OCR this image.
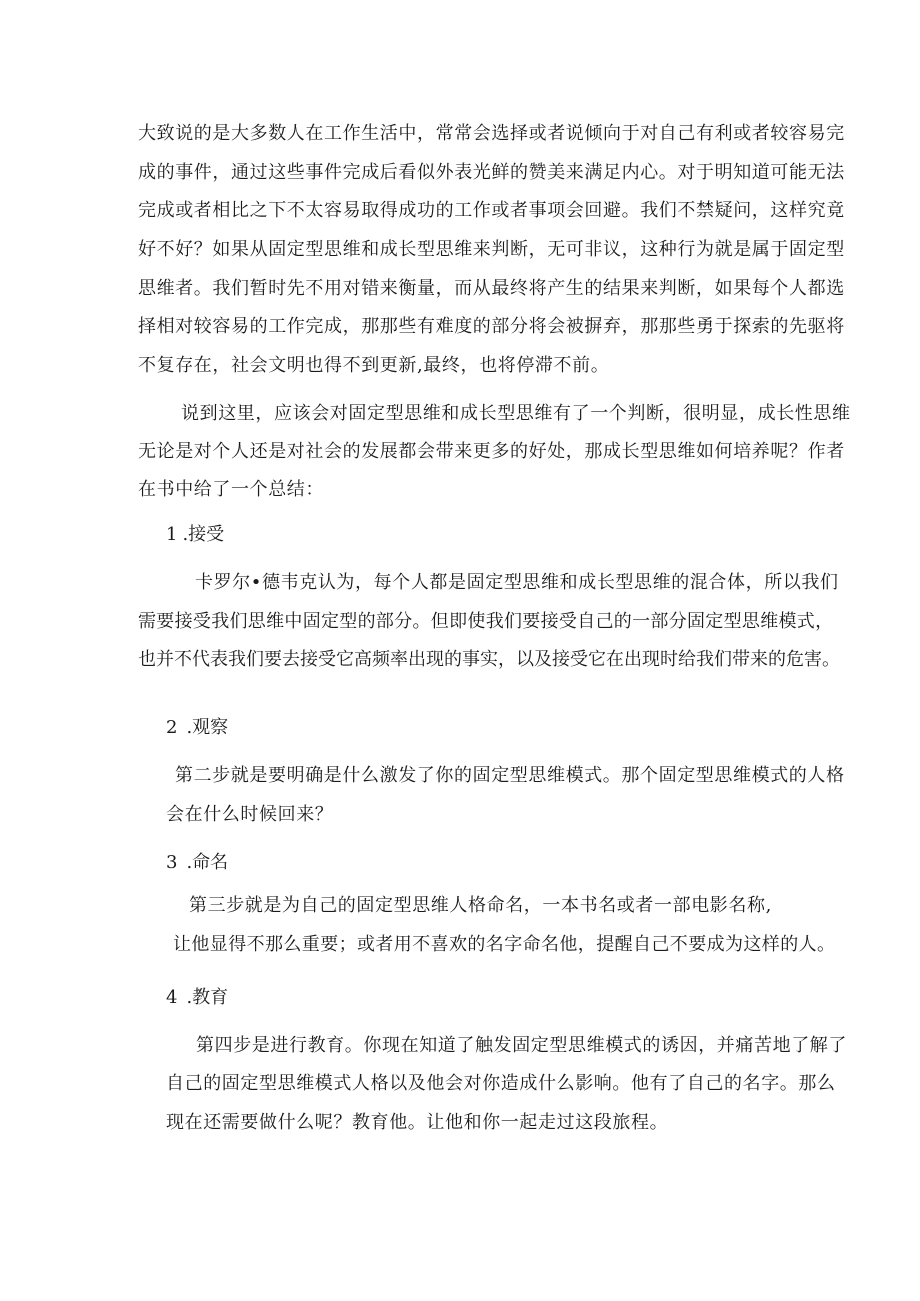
大致说的是大多数人在工作生活中，常常会选择或者说倾向于对自己有利或者较容易完
成的事件，通过这些事件完成后看似外表光鲜的赞美来满足内心。对于明知道可能无法
完成或者相比之下不太容易取得成功的工作或者事项会回避。我们不禁疑问，这样究竟
好不好？如果从固定型思维和成长型思维来判断，无可非议，这种行为就是属于固定型
思维者。我们暂时先不用对错来衡量，而从最终将产生的结果来判断，如果每个人都选
择相对较容易的工作完成，那那些有难度的部分将会被摒弃，那那些勇于探索的先驱将
不复存在，社会文明也得不到更新,最终，也将停滞不前。
说到这里，应该会对固定型思维和成长型思维有了一个判断，很明显，成长性思维
无论是对个人还是对社会的发展都会带来更多的好处，那成长型思维如何培养呢？作者
在书中给了一个总结：
1 .接受
卡罗尔•德韦克认为，每个人都是固定型思维和成长型思维的混合体，所以我们
需要接受我们思维中固定型的部分。但即使我们要接受自己的一部分固定型思维模式，
也并不代表我们要去接受它高频率出现的事实，以及接受它在出现时给我们带来的危害。
2 .观察
第二步就是要明确是什么激发了你的固定型思维模式。那个固定型思维模式的人格
会在什么时候回来？
3 .命名
第三步就是为自己的固定型思维人格命名，一本书名或者一部电影名称,
让他显得不那么重要；或者用不喜欢的名字命名他，提醒自己不要成为这样的人。
4 .教育
第四步是进行教育。你现在知道了触发固定型思维模式的诱因，并痛苦地了解了
自己的固定型思维模式人格以及他会对你造成什么影响。他有了自己的名字。那么
现在还需要做什么呢？教育他。让他和你一起走过这段旅程。
